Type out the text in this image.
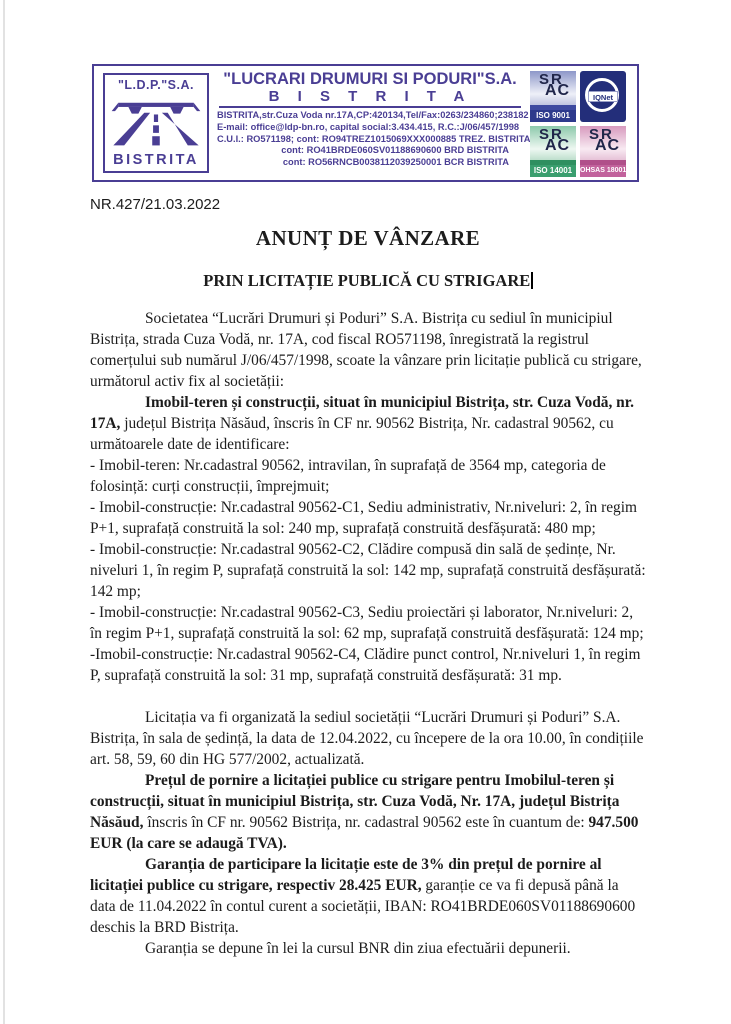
"L.D.P."S.A.
BISTRITA
"LUCRARI DRUMURI SI PODURI"S.A.
B I S T R I T A
BISTRITA,str.Cuza Voda nr.17A,CP:420134,Tel/Fax:0263/234860;238182
E-mail: office@ldp-bn.ro, capital social:3.434.415, R.C.:J/06/457/1998
C.U.I.: RO571198; cont: RO94TREZ1015069XXX000885 TREZ. BISTRITA
cont: RO41BRDE060SV01188690600 BRD BISTRITA
cont: RO56RNCB0038112039250001 BCR BISTRITA
SR
AC
ISO 9001
IQNet
SR
AC
ISO 14001
SR
AC
OHSAS 18001
NR.427/21.03.2022
ANUNȚ DE VÂNZARE
PRIN LICITAȚIE PUBLICĂ CU STRIGARE

Societatea “Lucrări Drumuri și Poduri” S.A. Bistrița cu sediul în municipiul Bistrița, strada Cuza Vodă, nr. 17A, cod fiscal RO571198, înregistrată la registrul comerțului sub numărul J/06/457/1998, scoate la vânzare prin licitație publică cu strigare, următorul activ fix al societății:

Imobil-teren și construcții, situat în municipiul Bistrița, str. Cuza Vodă, nr. 17A, județul Bistrița Năsăud, înscris în CF nr. 90562 Bistrița, Nr. cadastral 90562, cu următoarele date de identificare:

- Imobil-teren: Nr.cadastral 90562, intravilan, în suprafață de 3564 mp, categoria de folosință: curți construcții, împrejmuit;

- Imobil-construcție: Nr.cadastral 90562-C1, Sediu administrativ, Nr.niveluri: 2, în regim P+1, suprafață construită la sol: 240 mp, suprafață construită desfășurată: 480 mp;

- Imobil-construcție: Nr.cadastral 90562-C2, Clădire compusă din sală de ședințe, Nr. niveluri 1, în regim P, suprafață construită la sol: 142 mp, suprafață construită desfășurată: 142 mp;

- Imobil-construcție: Nr.cadastral 90562-C3, Sediu proiectări și laborator, Nr.niveluri: 2, în regim P+1, suprafață construită la sol: 62 mp, suprafață construită desfășurată: 124 mp;

-Imobil-construcție: Nr.cadastral 90562-C4, Clădire punct control, Nr.niveluri 1, în regim P, suprafață construită la sol: 31 mp, suprafață construită desfășurată: 31 mp.

Licitația va fi organizată la sediul societății “Lucrări Drumuri și Poduri” S.A. Bistrița, în sala de ședință, la data de 12.04.2022, cu începere de la ora 10.00, în condițiile art. 58, 59, 60 din HG 577/2002, actualizată.

Prețul de pornire a licitației publice cu strigare pentru Imobilul-teren și construcții, situat în municipiul Bistrița, str. Cuza Vodă, Nr. 17A, județul Bistrița Năsăud, înscris în CF nr. 90562 Bistrița, nr. cadastral 90562 este în cuantum de: 947.500 EUR (la care se adaugă TVA).

Garanția de participare la licitație este de 3% din prețul de pornire al licitației publice cu strigare, respectiv 28.425 EUR, garanție ce va fi depusă până la data de 11.04.2022 în contul curent a societății, IBAN: RO41BRDE060SV01188690600 deschis la BRD Bistrița.

Garanția se depune în lei la cursul BNR din ziua efectuării depunerii.
